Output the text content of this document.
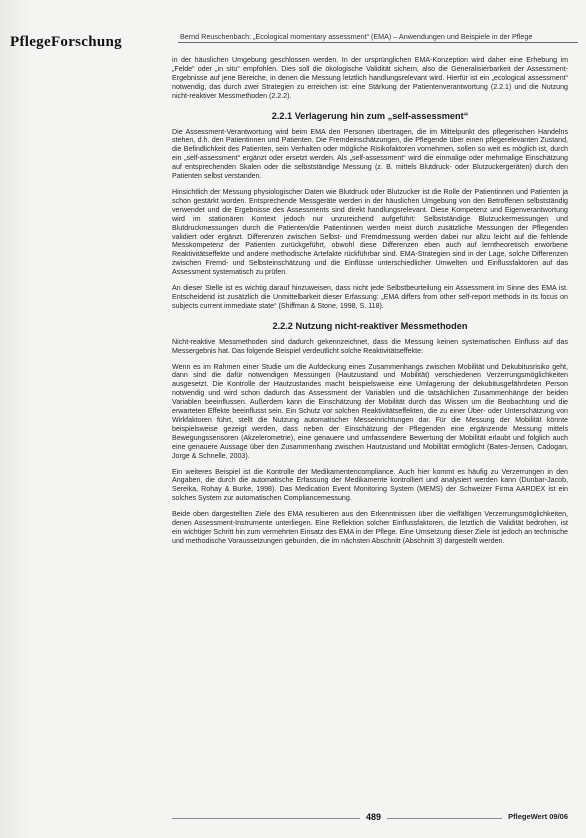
PflegeForschung	Bernd Reuschenbach: „Ecological momentary assessment“ (EMA) – Anwendungen und Beispiele in der Pflege

in der häuslichen Umgebung geschlossen werden. In der ursprünglichen EMA-Konzeption wird daher eine Erhebung im „Felde“ oder „in situ“ empfohlen. Dies soll die ökologische Validität sichern, also die Generalisierbarkeit der Assessment-Ergebnisse auf jene Bereiche, in denen die Messung letztlich handlungsrelevant wird. Hierfür ist ein „ecological assessment“ notwendig, das durch zwei Strategien zu erreichen ist: eine Stärkung der Patientenverantwortung (2.2.1) und die Nutzung nicht-reaktiver Messmethoden (2.2.2).

2.2.1 Verlagerung hin zum „self-assessment“

Die Assessment-Verantwortung wird beim EMA den Personen übertragen, die im Mittelpunkt des pflegerischen Handelns stehen, d.h. den Patientinnen und Patienten. Die Fremdeinschätzungen, die Pflegende über einen pflegerelevanten Zustand, die Befindlichkeit des Patienten, sein Verhalten oder mögliche Risikofaktoren vornehmen, sollen so weit es möglich ist, durch ein „self-assessment“ ergänzt oder ersetzt werden. Als „self-assessment“ wird die einmalige oder mehrmalige Einschätzung auf entsprechenden Skalen oder die selbstständige Messung (z. B. mittels Blutdruck- oder Blutzuckergeräten) durch den Patienten selbst verstanden.

Hinsichtlich der Messung physiologischer Daten wie Blutdruck oder Blutzucker ist die Rolle der Patientinnen und Patienten ja schon gestärkt worden. Entsprechende Messgeräte werden in der häuslichen Umgebung von den Betroffenen selbstständig verwendet und die Ergebnisse des Assessments sind direkt handlungsrelevant. Diese Kompetenz und Eigenverantwortung wird im stationären Kontext jedoch nur unzureichend aufgeführt: Selbstständige Blutzuckermessungen und Blutdruckmessungen durch die Patienten/die Patientinnen werden meist durch zusätzliche Messungen der Pflegenden validiert oder ergänzt. Differenzen zwischen Selbst- und Fremdmessung werden dabei nur allzu leicht auf die fehlende Messkompetenz der Patienten zurückgeführt, obwohl diese Differenzen eben auch auf lerntheoretisch erworbene Reaktivitätseffekte und andere methodische Artefakte rückführbar sind. EMA-Strategien sind in der Lage, solche Differenzen zwischen Fremd- und Selbsteinschätzung und die Einflüsse unterschiedlicher Umwelten und Einflussfaktoren auf das Assessment systematisch zu prüfen.

An dieser Stelle ist es wichtig darauf hinzuweisen, dass nicht jede Selbstbeurteilung ein Assessment im Sinne des EMA ist. Entscheidend ist zusätzlich die Unmittelbarkeit dieser Erfassung: „EMA differs from other self-report methods in its focus on subjects current immediate state“ (Shiffman & Stone, 1998, S. 118).

2.2.2 Nutzung nicht-reaktiver Messmethoden

Nicht-reaktive Messmethoden sind dadurch gekennzeichnet, dass die Messung keinen systematischen Einfluss auf das Messergebnis hat. Das folgende Beispiel verdeutlicht solche Reaktivitätseffekte:

Wenn es im Rahmen einer Studie um die Aufdeckung eines Zusammenhangs zwischen Mobilität und Dekubitusrisiko geht, dann sind die dafür notwendigen Messungen (Hautzustand und Mobilität) verschiedenen Verzerrungsmöglichkeiten ausgesetzt. Die Kontrolle der Hautzustandes macht beispielsweise eine Umlagerung der dekubitusgefährdeten Person notwendig und wird schon dadurch das Assessment der Variablen und die tatsächlichen Zusammenhänge der beiden Variablen beeinflussen. Außerdem kann die Einschätzung der Mobilität durch das Wissen um die Beobachtung und die erwarteten Effekte beeinflusst sein. Ein Schutz vor solchen Reaktivitätseffekten, die zu einer Über- oder Unterschätzung von Wirkfaktoren führt, stellt die Nutzung automatischer Messeinrichtungen dar. Für die Messung der Mobilität könnte beispielsweise gezeigt werden, dass neben der Einschätzung der Pflegenden eine ergänzende Messung mittels Bewegungssensoren (Akzelerometrie), eine genauere und umfassendere Bewertung der Mobilität erlaubt und folglich auch eine genauere Aussage über den Zusammenhang zwischen Hautzustand und Mobilität ermöglicht (Bates-Jensen, Cadogan, Jorge & Schnelle, 2003).

Ein weiteres Beispiel ist die Kontrolle der Medikamentencompliance. Auch hier kommt es häufig zu Verzerrungen in den Angaben, die durch die automatische Erfassung der Medikamente kontrolliert und analysiert werden kann (Dunbar-Jacob, Sereika, Rohay & Burke, 1998). Das Medication Event Monitoring System (MEMS) der Schweizer Firma AARDEX ist ein solches System zur automatischen Compliancemessung.

Beide oben dargestellten Ziele des EMA resultieren aus den Erkenntnissen über die vielfältigen Verzerrungsmöglichkeiten, denen Assessment-Instrumente unterliegen. Eine Reflektion solcher Einflussfaktoren, die letztlich die Validität bedrohen, ist ein wichtiger Schritt hin zum vermehrten Einsatz des EMA in der Pflege. Eine Umsetzung dieser Ziele ist jedoch an technische und methodische Voraussetzungen gebunden, die im nächsten Abschnitt (Abschnitt 3) dargestellt werden.

489	PflegeWert 09/06
